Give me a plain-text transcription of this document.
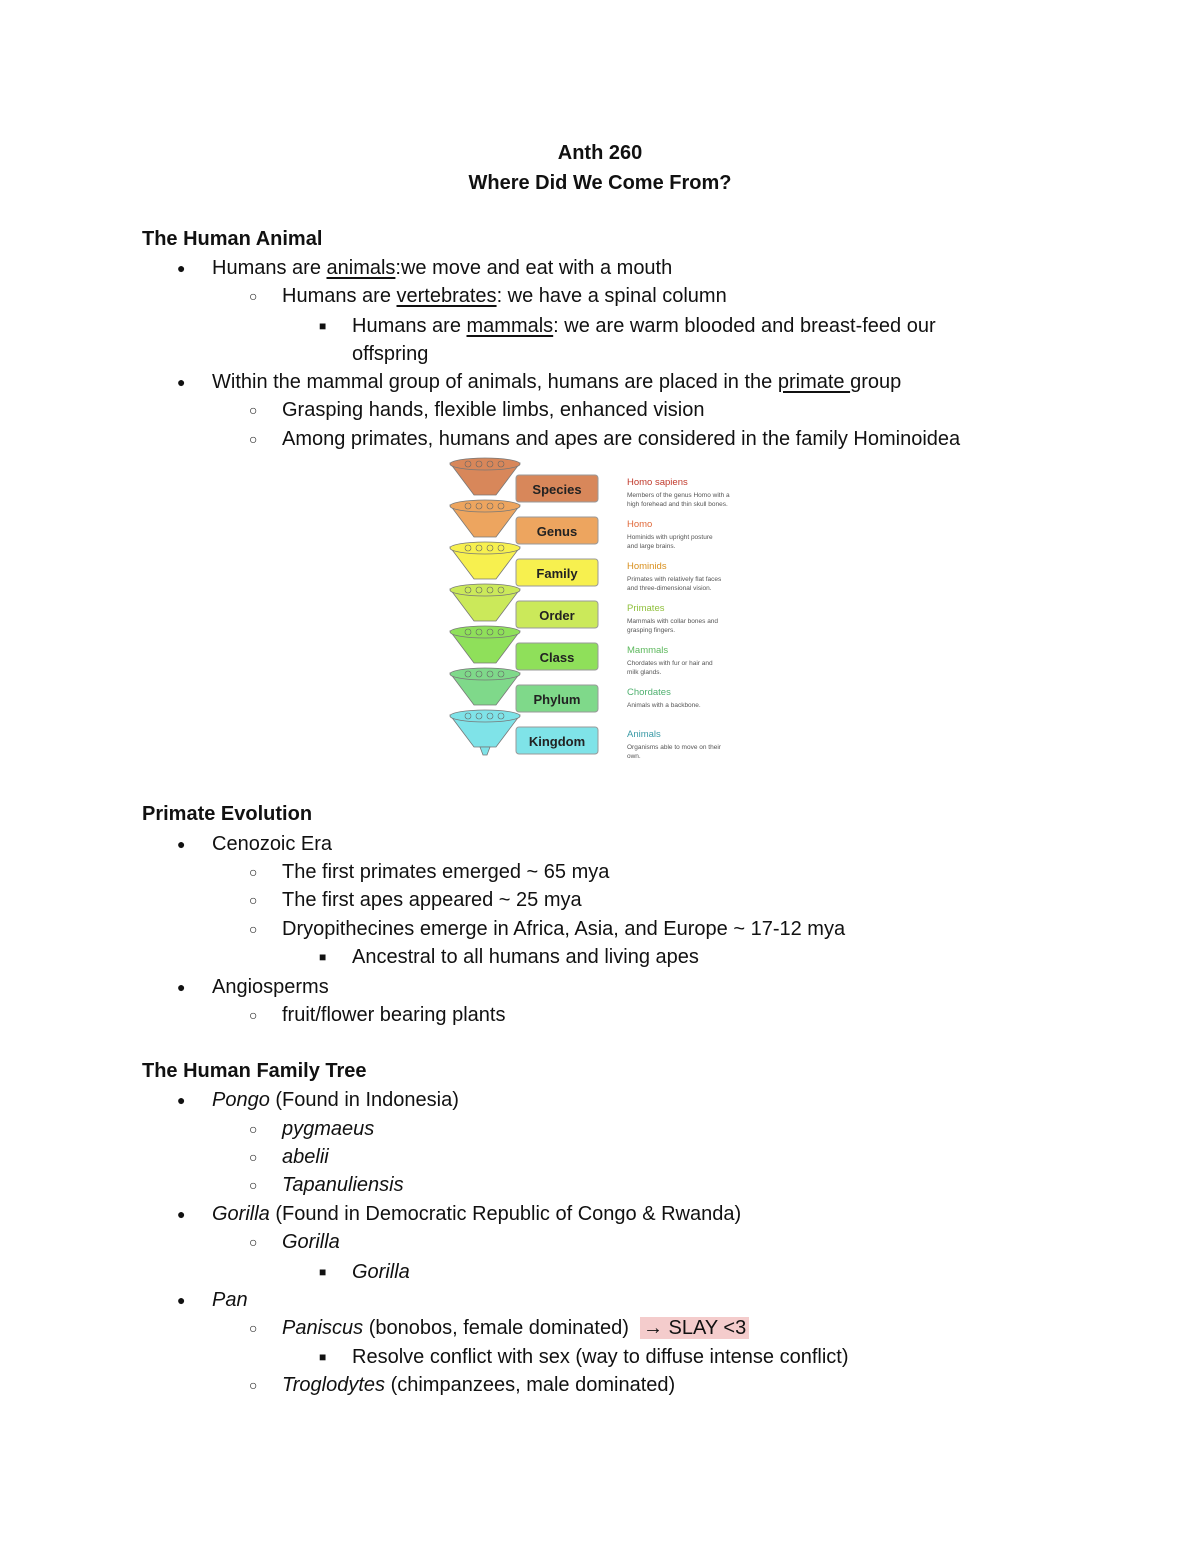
Anth 260
Where Did We Come From?
The Human Animal
● Humans are animals:we move and eat with a mouth
○ Humans are vertebrates: we have a spinal column
■ Humans are mammals: we are warm blooded and breast-feed our
offspring
● Within the mammal group of animals, humans are placed in the primate group
○ Grasping hands, flexible limbs, enhanced vision
○ Among primates, humans and apes are considered in the family Hominoidea
Species	Homo sapiens
Members of the genus Homo with a
high forehead and thin skull bones.
Genus	Homo
Hominids with upright posture
and large brains.
Family	Hominids
Primates with relatively flat faces
and three-dimensional vision.
Order	Primates
Mammals with collar bones and
grasping fingers.
Class	Mammals
Chordates with fur or hair and
milk glands.
Phylum	Chordates
Animals with a backbone.
Kingdom	Animals
Organisms able to move on their
own.
Primate Evolution
● Cenozoic Era
○ The first primates emerged ~ 65 mya
○ The first apes appeared ~ 25 mya
○ Dryopithecines emerge in Africa, Asia, and Europe ~ 17-12 mya
■ Ancestral to all humans and living apes
● Angiosperms
○ fruit/flower bearing plants
The Human Family Tree
● Pongo (Found in Indonesia)
○ pygmaeus
○ abelii
○ Tapanuliensis
● Gorilla (Found in Democratic Republic of Congo & Rwanda)
○ Gorilla
■ Gorilla
● Pan
○ Paniscus (bonobos, female dominated)  → SLAY <3
■ Resolve conflict with sex (way to diffuse intense conflict)
○ Troglodytes (chimpanzees, male dominated)
